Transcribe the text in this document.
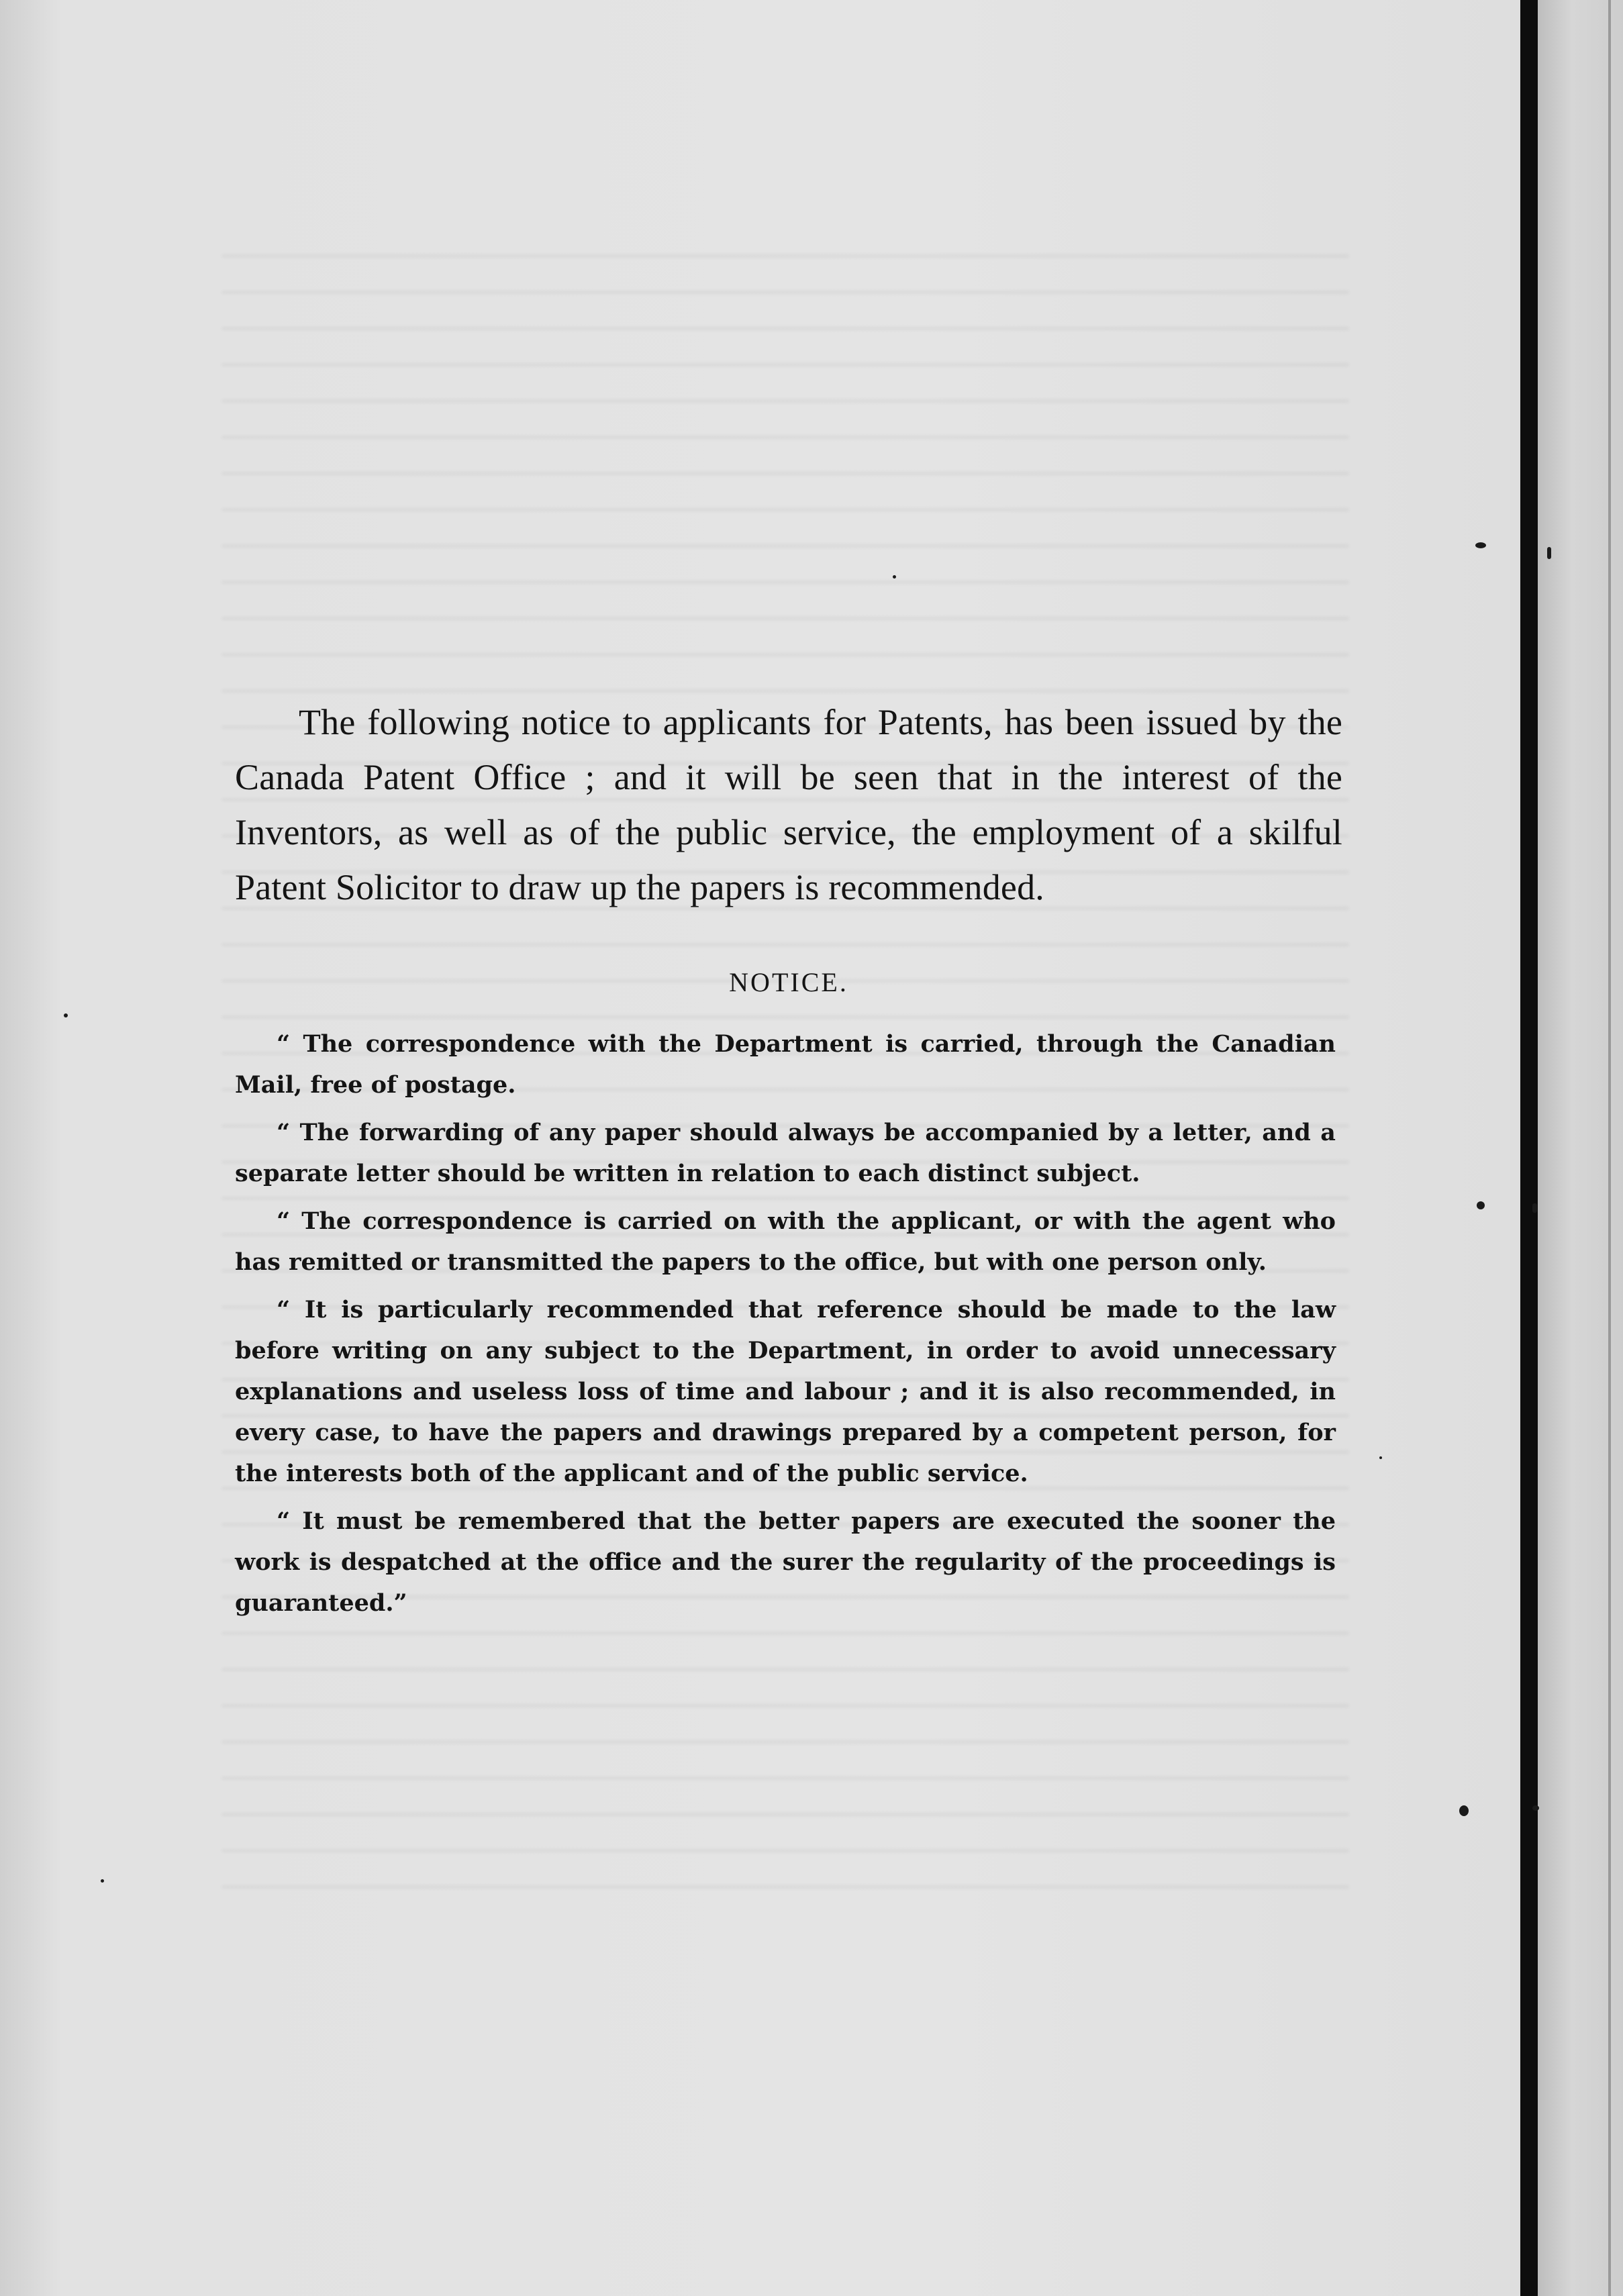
The following notice to applicants for Patents, has been issued by the Canada Patent Office ; and it will be seen that in the interest of the Inventors, as well as of the public service, the employment of a skilful Patent Solicitor to draw up the papers is recommended.

NOTICE.

“ The correspondence with the Department is carried, through the Canadian Mail, free of postage.

“ The forwarding of any paper should always be accompanied by a letter, and a separate letter should be written in relation to each distinct subject.

“ The correspondence is carried on with the applicant, or with the agent who has remitted or transmitted the papers to the office, but with one person only.

“ It is particularly recommended that reference should be made to the law before writing on any subject to the Department, in order to avoid unnecessary explanations and useless loss of time and labour ; and it is also recommended, in every case, to have the papers and drawings prepared by a competent person, for the interests both of the applicant and of the public service.

“ It must be remembered that the better papers are executed the sooner the work is despatched at the office and the surer the regularity of the proceedings is guaranteed.”
